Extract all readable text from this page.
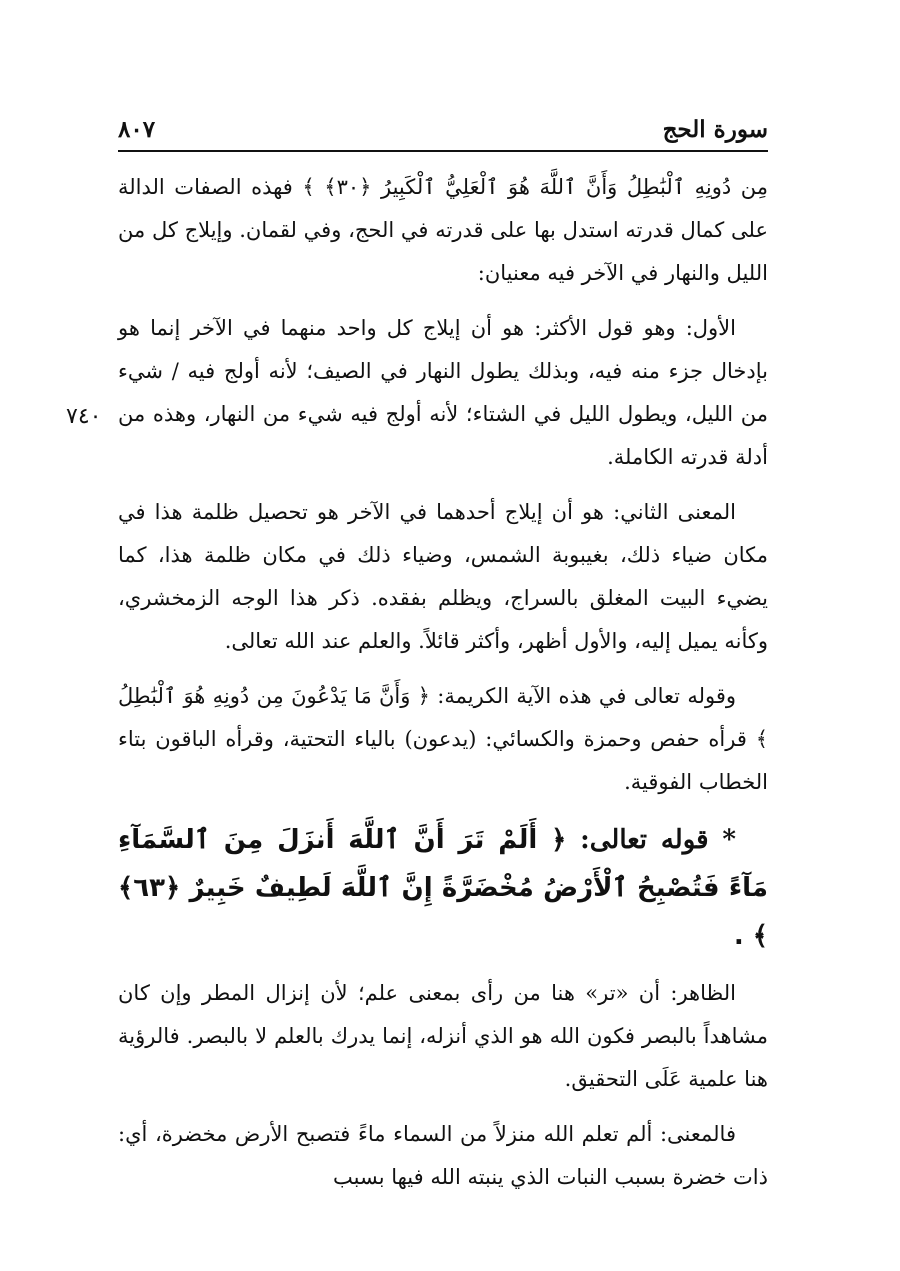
سورة الحج
٨٠٧
٧٤٠

مِن دُونِهِ ٱلْبَٰطِلُ وَأَنَّ ٱللَّهَ هُوَ ٱلْعَلِيُّ ٱلْكَبِيرُ ﴿٣٠﴾ ﴾ فهذه الصفات الدالة على كمال قدرته استدل بها على قدرته في الحج، وفي لقمان. وإيلاج كل من الليل والنهار في الآخر فيه معنيان:

الأول: وهو قول الأكثر: هو أن إيلاج كل واحد منهما في الآخر إنما هو بإدخال جزء منه فيه، وبذلك يطول النهار في الصيف؛ لأنه أولج فيه / شيء من الليل، ويطول الليل في الشتاء؛ لأنه أولج فيه شيء من النهار، وهذه من أدلة قدرته الكاملة.

المعنى الثاني: هو أن إيلاج أحدهما في الآخر هو تحصيل ظلمة هذا في مكان ضياء ذلك، بغيبوبة الشمس، وضياء ذلك في مكان ظلمة هذا، كما يضيء البيت المغلق بالسراج، ويظلم بفقده. ذكر هذا الوجه الزمخشري، وكأنه يميل إليه، والأول أظهر، وأكثر قائلاً. والعلم عند الله تعالى.

وقوله تعالى في هذه الآية الكريمة: ﴿ وَأَنَّ مَا يَدْعُونَ مِن دُونِهِ هُوَ ٱلْبَٰطِلُ ﴾ قرأه حفص وحمزة والكسائي: (يدعون) بالياء التحتية، وقرأه الباقون بتاء الخطاب الفوقية.

* قوله تعالى: ﴿ أَلَمْ تَرَ أَنَّ ٱللَّهَ أَنزَلَ مِنَ ٱلسَّمَآءِ مَآءً فَتُصْبِحُ ٱلْأَرْضُ مُخْضَرَّةً إِنَّ ٱللَّهَ لَطِيفٌ خَبِيرٌ ﴿٦٣﴾ ﴾ .

الظاهر: أن «تر» هنا من رأى بمعنى علم؛ لأن إنزال المطر وإن كان مشاهداً بالبصر فكون الله هو الذي أنزله، إنما يدرك بالعلم لا بالبصر. فالرؤية هنا علمية عَلَى التحقيق.

فالمعنى: ألم تعلم الله منزلاً من السماء ماءً فتصبح الأرض مخضرة، أي: ذات خضرة بسبب النبات الذي ينبته الله فيها بسبب
